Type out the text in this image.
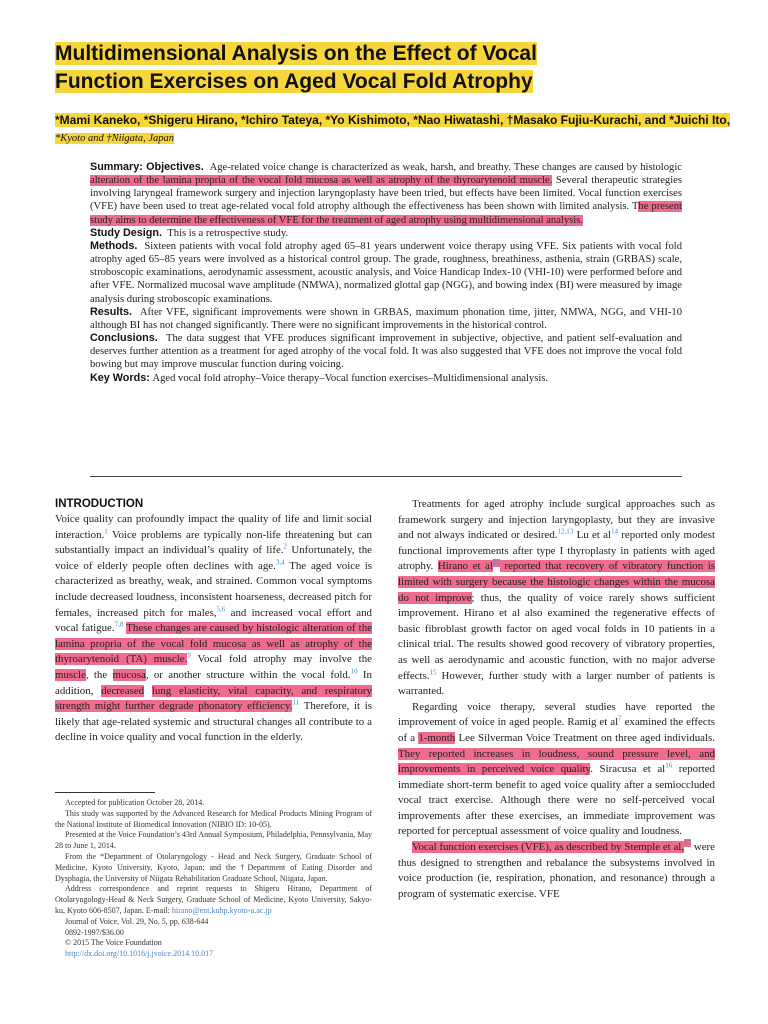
Multidimensional Analysis on the Effect of Vocal
Function Exercises on Aged Vocal Fold Atrophy
*Mami Kaneko, *Shigeru Hirano, *Ichiro Tateya, *Yo Kishimoto, *Nao Hiwatashi, †Masako Fujiu-Kurachi, and *Juichi Ito, *Kyoto and †Niigata, Japan

Summary: Objectives. Age-related voice change is characterized as weak, harsh, and breathy. These changes are caused by histologic alteration of the lamina propria of the vocal fold mucosa as well as atrophy of the thyroarytenoid muscle. Several therapeutic strategies involving laryngeal framework surgery and injection laryngoplasty have been tried, but effects have been limited. Vocal function exercises (VFE) have been used to treat age-related vocal fold atrophy although the effectiveness has been shown with limited analysis. The present study aims to determine the effectiveness of VFE for the treatment of aged atrophy using multidimensional analysis.

Study Design. This is a retrospective study.

Methods. Sixteen patients with vocal fold atrophy aged 65–81 years underwent voice therapy using VFE. Six patients with vocal fold atrophy aged 65–85 years were involved as a historical control group. The grade, roughness, breathiness, asthenia, strain (GRBAS) scale, stroboscopic examinations, aerodynamic assessment, acoustic analysis, and Voice Handicap Index-10 (VHI-10) were performed before and after VFE. Normalized mucosal wave amplitude (NMWA), normalized glottal gap (NGG), and bowing index (BI) were measured by image analysis during stroboscopic examinations.

Results. After VFE, significant improvements were shown in GRBAS, maximum phonation time, jitter, NMWA, NGG, and VHI-10 although BI has not changed significantly. There were no significant improvements in the historical control.

Conclusions. The data suggest that VFE produces significant improvement in subjective, objective, and patient self-evaluation and deserves further attention as a treatment for aged atrophy of the vocal fold. It was also suggested that VFE does not improve the vocal fold bowing but may improve muscular function during voicing.

Key Words: Aged vocal fold atrophy–Voice therapy–Vocal function exercises–Multidimensional analysis.

INTRODUCTION

Voice quality can profoundly impact the quality of life and limit social interaction.$^1$ Voice problems are typically non-life threatening but can substantially impact an individual’s quality of life.$^2$ Unfortunately, the voice of elderly people often declines with age.$^{3,4}$ The aged voice is characterized as breathy, weak, and strained. Common vocal symptoms include decreased loudness, inconsistent hoarseness, decreased pitch for females, increased pitch for males,$^{5,6}$ and increased vocal effort and vocal fatigue.$^{7,8}$ These changes are caused by histologic alteration of the lamina propria of the vocal fold mucosa as well as atrophy of the thyroarytenoid (TA) muscle.$^9$ Vocal fold atrophy may involve the muscle, the mucosa, or another structure within the vocal fold.$^{10}$ In addition, decreased lung elasticity, vital capacity, and respiratory strength might further degrade phonatory efficiency.$^{11}$ Therefore, it is likely that age-related systemic and structural changes all contribute to a decline in voice quality and vocal function in the elderly.

Accepted for publication October 28, 2014.

This study was supported by the Advanced Research for Medical Products Mining Program of the National Institute of Biomedical Innovation (NIBIO ID: 10-05).

Presented at the Voice Foundation’s 43rd Annual Symposium, Philadelphia, Pennsylvania, May 28 to June 1, 2014.

From the *Department of Otolaryngology - Head and Neck Surgery, Graduate School of Medicine, Kyoto University, Kyoto, Japan; and the †Department of Eating Disorder and Dysphagia, the University of Niigata Rehabilitation Graduate School, Niigata, Japan.

Address correspondence and reprint requests to Shigeru Hirano, Department of Otolaryngology-Head & Neck Surgery, Graduate School of Medicine, Kyoto University, Sakyo-ku, Kyoto 606-8507, Japan. E-mail: hirano@ent.kuhp.kyoto-u.ac.jp

Journal of Voice, Vol. 29, No. 5, pp. 638-644

0892-1997/$36.00

© 2015 The Voice Foundation

http://dx.doi.org/10.1016/j.jvoice.2014.10.017

Treatments for aged atrophy include surgical approaches such as framework surgery and injection laryngoplasty, but they are invasive and not always indicated or desired.$^{12,13}$ Lu et $al^{14}$ reported only modest functional improvements after type I thyroplasty in patients with aged atrophy. Hirano et $al^{15}$ reported that recovery of vibratory function is limited with surgery because the histologic changes within the mucosa do not improve; thus, the quality of voice rarely shows sufficient improvement. Hirano et al also examined the regenerative effects of basic fibroblast growth factor on aged vocal folds in 10 patients in a clinical trial. The results showed good recovery of vibratory properties, as well as aerodynamic and acoustic function, with no major adverse effects.$^{15}$ However, further study with a larger number of patients is warranted.

Regarding voice therapy, several studies have reported the improvement of voice in aged people. Ramig et $al^7$ examined the effects of a 1-month Lee Silverman Voice Treatment on three aged individuals. They reported increases in loudness, sound pressure level, and improvements in perceived voice quality. Siracusa et $al^{16}$ reported immediate short-term benefit to aged voice quality after a semioccluded vocal tract exercise. Although there were no self-perceived vocal improvements after these exercises, an immediate improvement was reported for perceptual assessment of voice quality and loudness.

Vocal function exercises (VFE), as described by Stemple et al,$^{17}$ were thus designed to strengthen and rebalance the subsystems involved in voice production (ie, respiration, phonation, and resonance) through a program of systematic exercise. VFE
